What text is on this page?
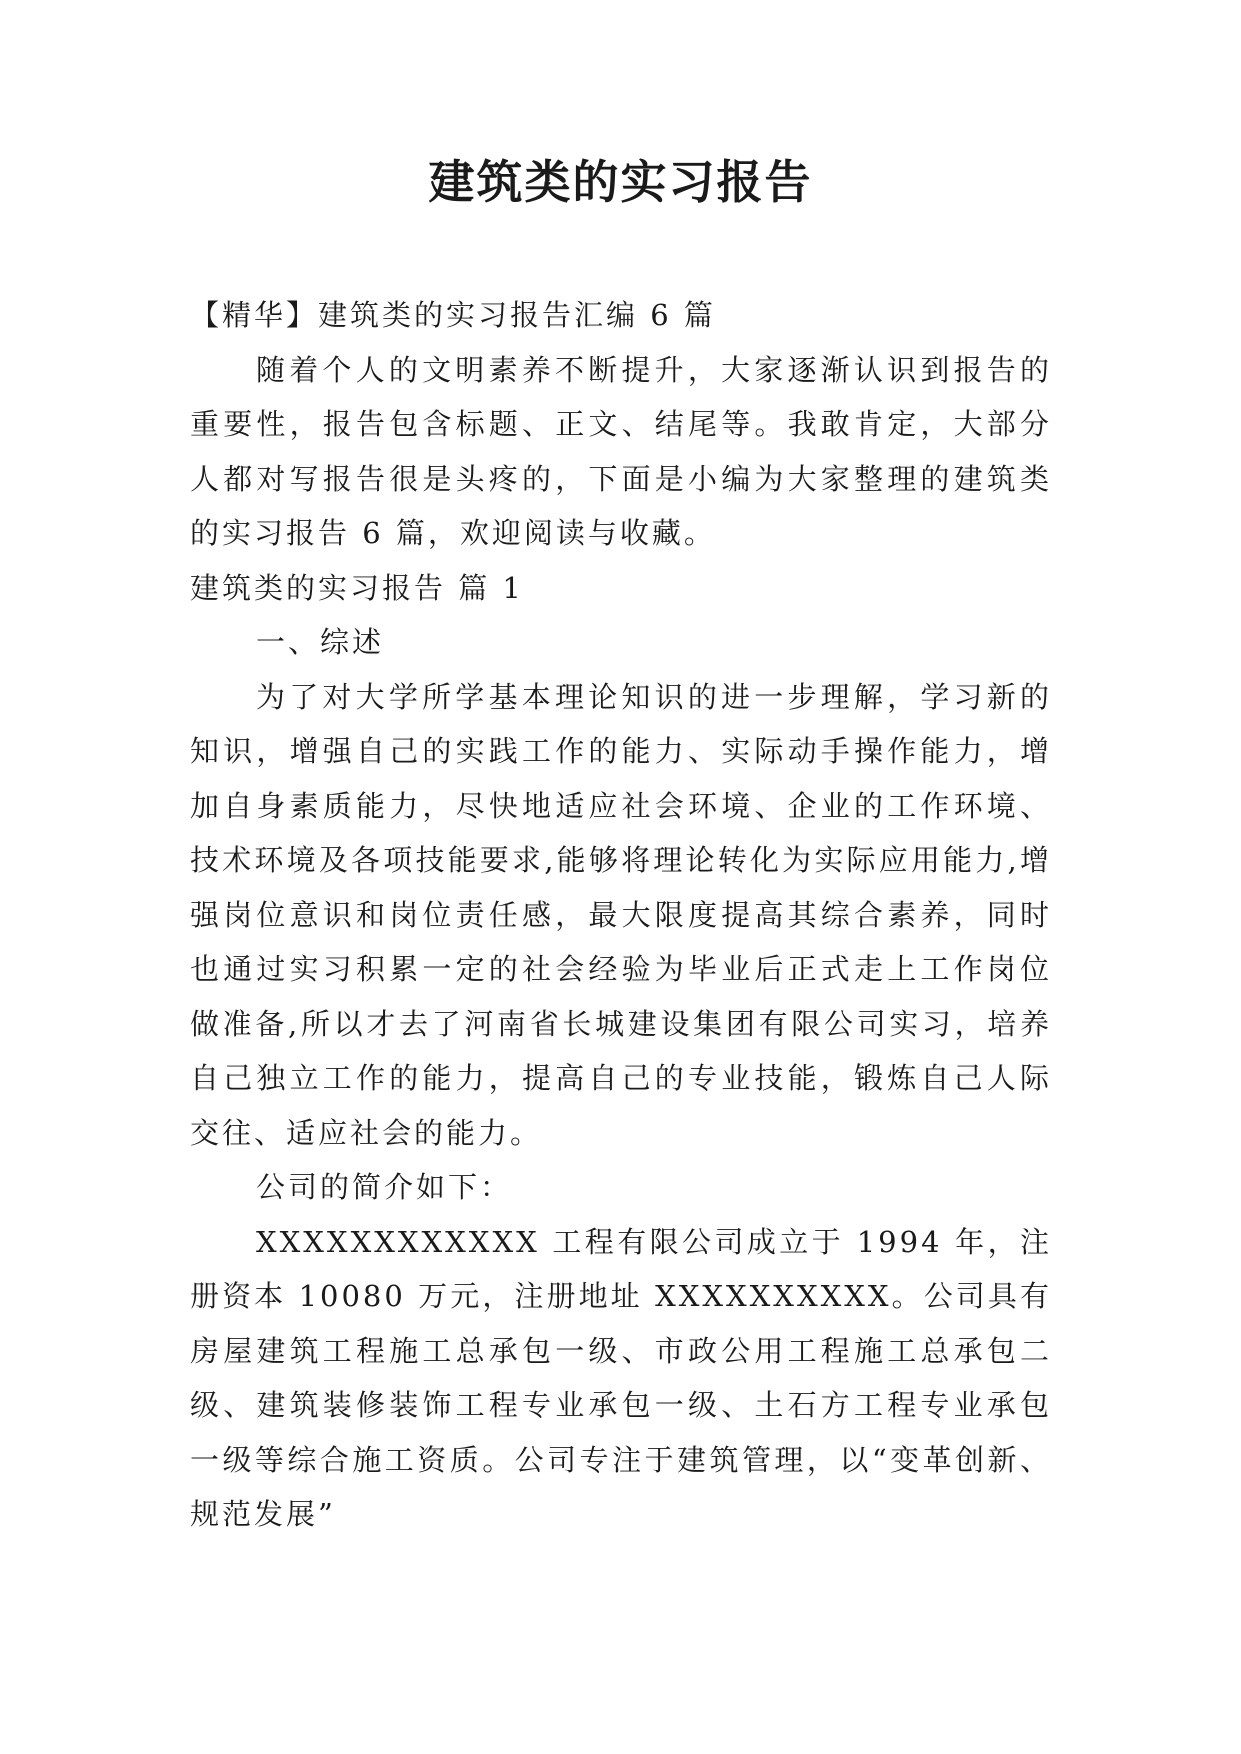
建筑类的实习报告

【精华】建筑类的实习报告汇编 6 篇

随着个人的文明素养不断提升，大家逐渐认识到报告的重要性，报告包含标题、正文、结尾等。我敢肯定，大部分人都对写报告很是头疼的，下面是小编为大家整理的建筑类的实习报告 6 篇，欢迎阅读与收藏。

建筑类的实习报告 篇 1

一、综述

为了对大学所学基本理论知识的进一步理解，学习新的知识，增强自己的实践工作的能力、实际动手操作能力，增加自身素质能力，尽快地适应社会环境、企业的工作环境、技术环境及各项技能要求,能够将理论转化为实际应用能力,增强岗位意识和岗位责任感，最大限度提高其综合素养，同时也通过实习积累一定的社会经验为毕业后正式走上工作岗位做准备,所以才去了河南省长城建设集团有限公司实习，培养自己独立工作的能力，提高自己的专业技能，锻炼自己人际交往、适应社会的能力。

公司的简介如下：

XXXXXXXXXXXX 工程有限公司成立于 1994 年，注册资本 10080 万元，注册地址 XXXXXXXXXX。公司具有房屋建筑工程施工总承包一级、市政公用工程施工总承包二级、建筑装修装饰工程专业承包一级、土石方工程专业承包一级等综合施工资质。公司专注于建筑管理，以“变革创新、规范发展”
